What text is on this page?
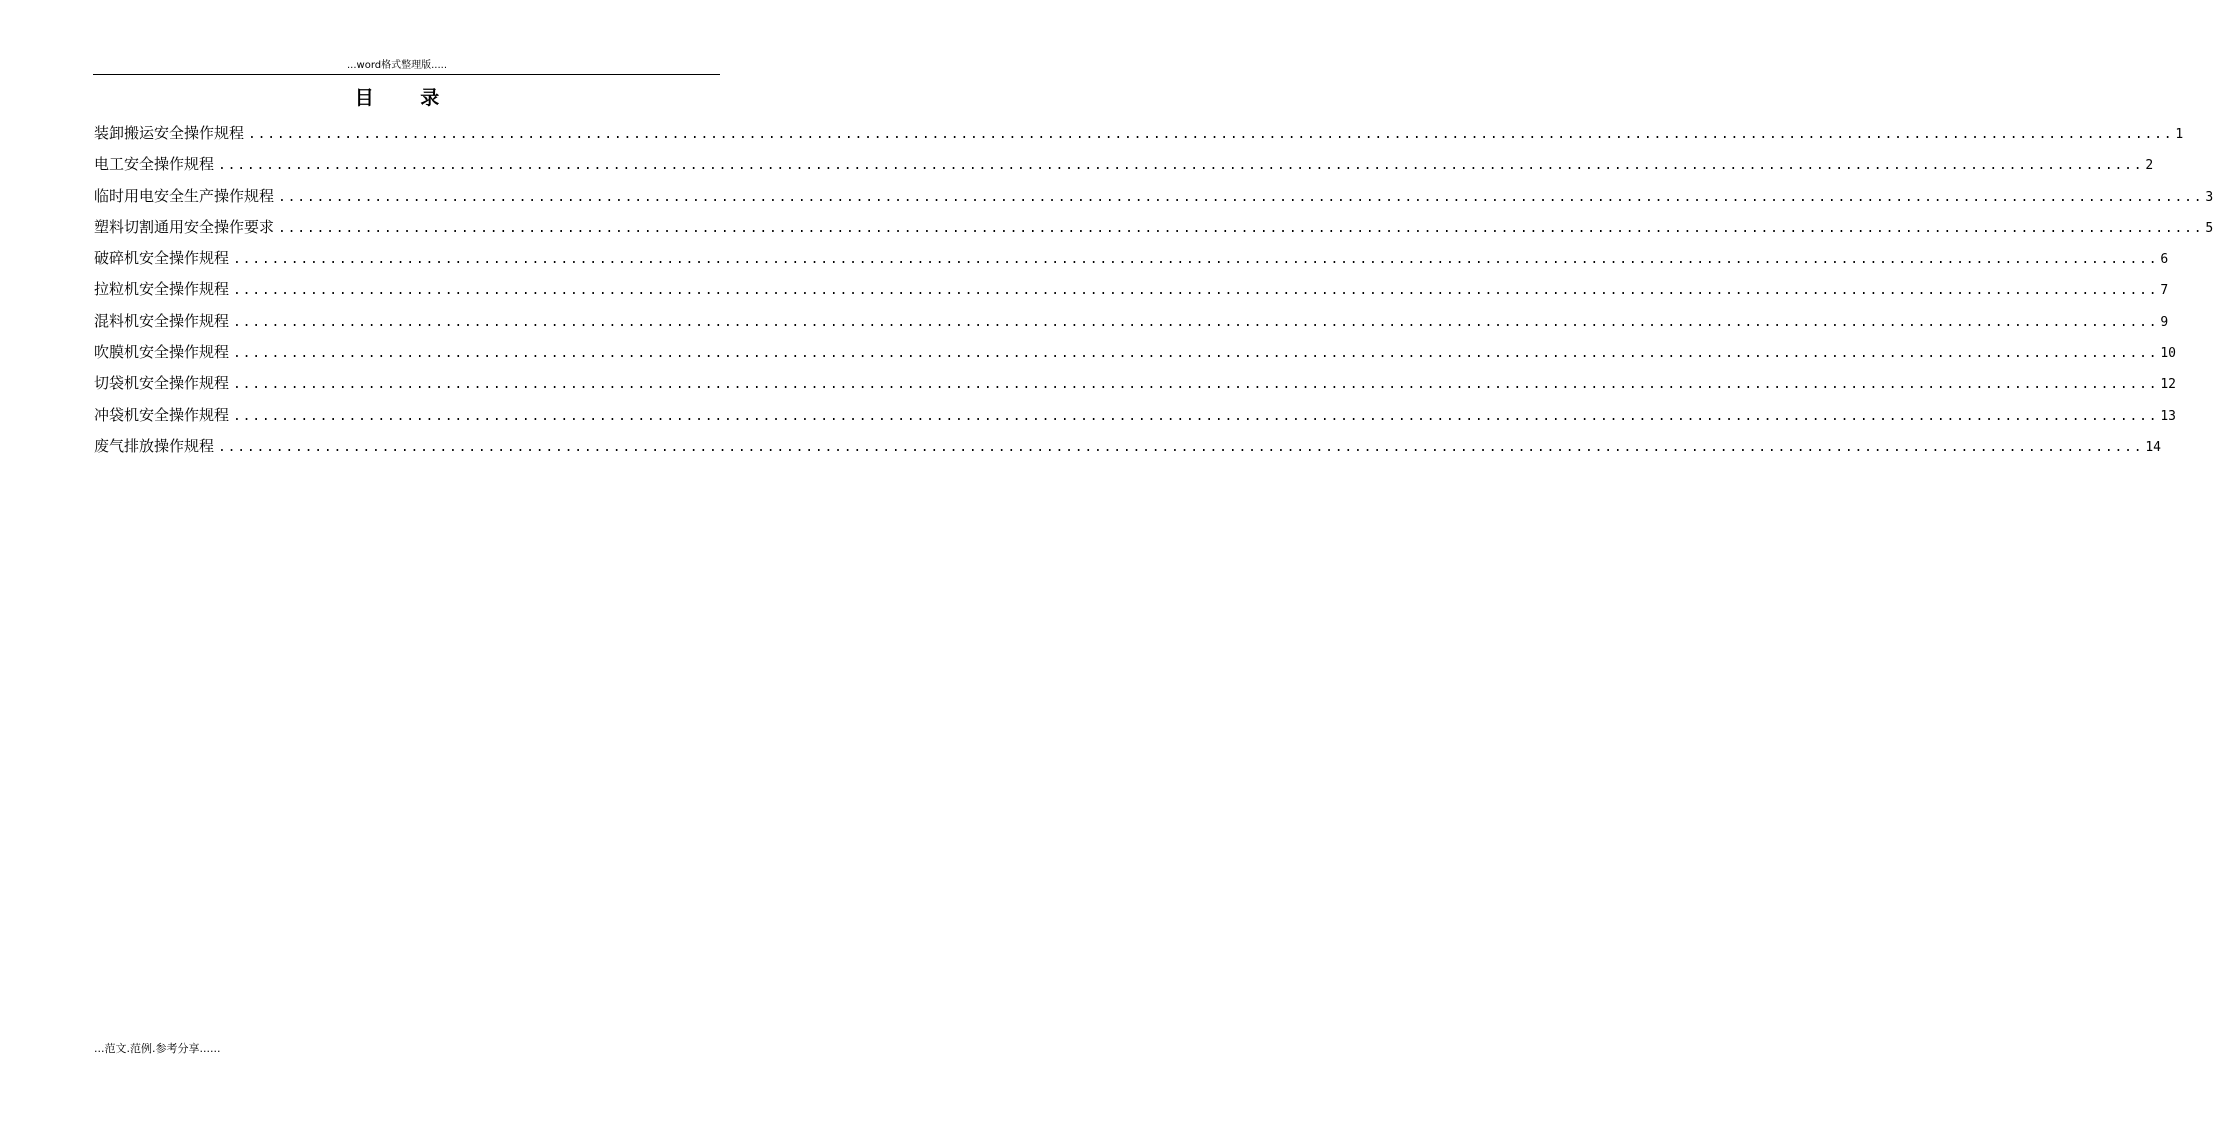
...word格式整理版.....
目 录
装卸搬运安全操作规程 ........................................................................................................................................................................................................ 1
电工安全操作规程 ........................................................................................................................................................................................................ 2
临时用电安全生产操作规程 ........................................................................................................................................................................................................ 3
塑料切割通用安全操作要求 ........................................................................................................................................................................................................ 5
破碎机安全操作规程 ........................................................................................................................................................................................................ 6
拉粒机安全操作规程 ........................................................................................................................................................................................................ 7
混料机安全操作规程 ........................................................................................................................................................................................................ 9
吹膜机安全操作规程 ........................................................................................................................................................................................................ 10
切袋机安全操作规程 ........................................................................................................................................................................................................ 12
冲袋机安全操作规程 ........................................................................................................................................................................................................ 13
废气排放操作规程 ........................................................................................................................................................................................................ 14
...范文.范例.参考分享......
